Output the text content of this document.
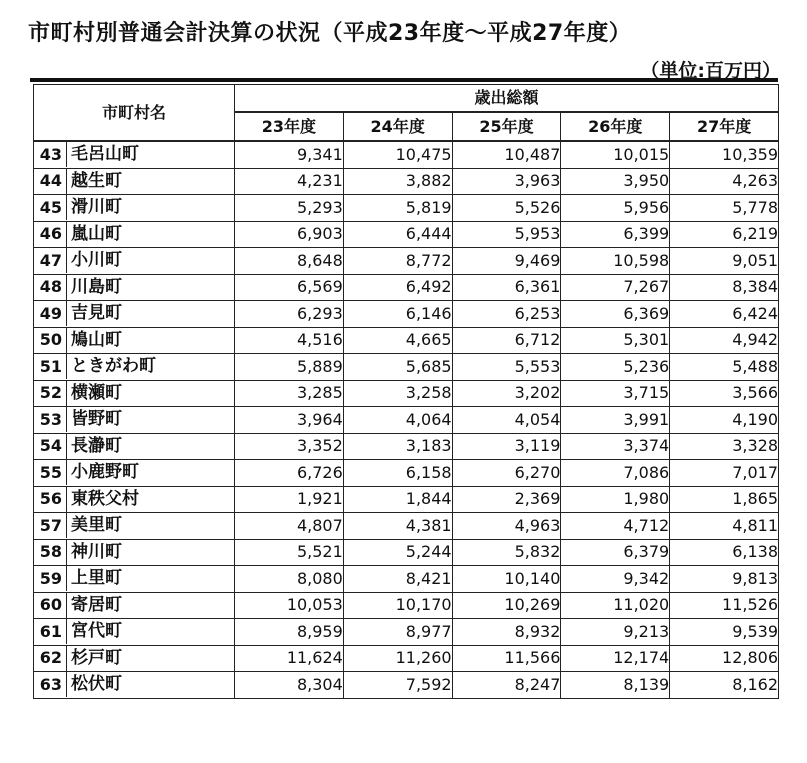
市町村別普通会計決算の状況（平成23年度～平成27年度）
（単位:百万円）
市町村名	歳出総額				
	23年度	24年度	25年度	26年度	27年度

43 毛呂山町	9,341	10,475	10,487	10,015	10,359

44 越生町	4,231	3,882	3,963	3,950	4,263

45 滑川町	5,293	5,819	5,526	5,956	5,778

46 嵐山町	6,903	6,444	5,953	6,399	6,219

47 小川町	8,648	8,772	9,469	10,598	9,051

48 川島町	6,569	6,492	6,361	7,267	8,384

49 吉見町	6,293	6,146	6,253	6,369	6,424

50 鳩山町	4,516	4,665	6,712	5,301	4,942

51 ときがわ町	5,889	5,685	5,553	5,236	5,488

52 横瀬町	3,285	3,258	3,202	3,715	3,566

53 皆野町	3,964	4,064	4,054	3,991	4,190

54 長瀞町	3,352	3,183	3,119	3,374	3,328

55 小鹿野町	6,726	6,158	6,270	7,086	7,017

56 東秩父村	1,921	1,844	2,369	1,980	1,865

57 美里町	4,807	4,381	4,963	4,712	4,811

58 神川町	5,521	5,244	5,832	6,379	6,138

59 上里町	8,080	8,421	10,140	9,342	9,813

60 寄居町	10,053	10,170	10,269	11,020	11,526

61 宮代町	8,959	8,977	8,932	9,213	9,539

62 杉戸町	11,624	11,260	11,566	12,174	12,806

63 松伏町	8,304	7,592	8,247	8,139	8,162
